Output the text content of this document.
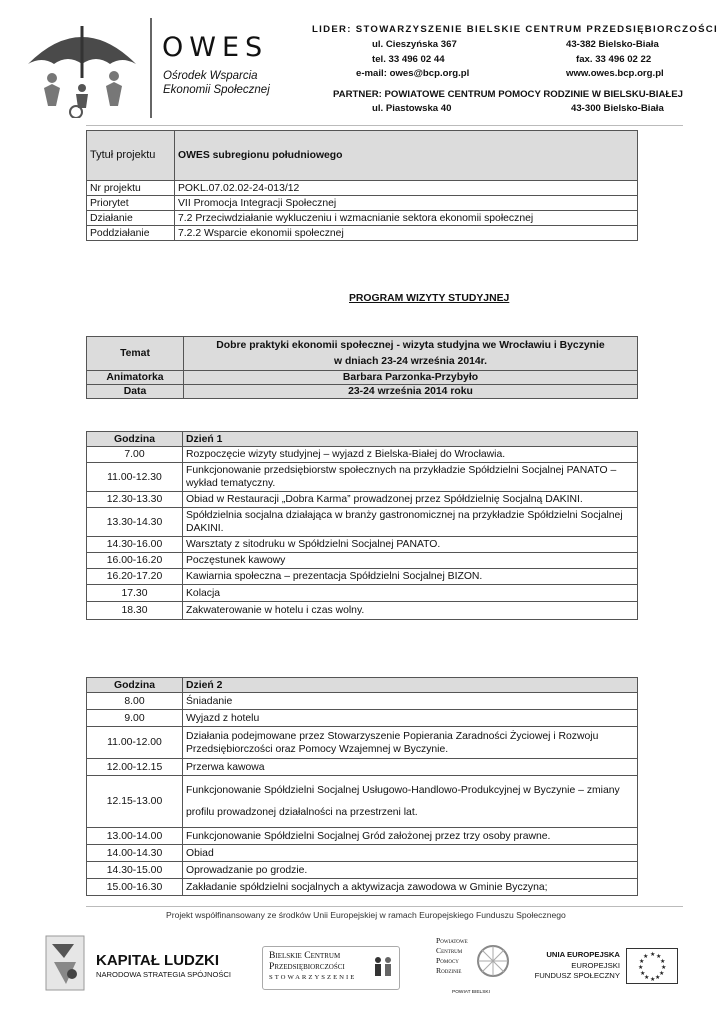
OWES
Ośrodek Wsparcia
Ekonomii Społecznej
LIDER: STOWARZYSZENIE BIELSKIE CENTRUM PRZEDSIĘBIORCZOŚCI
ul. Cieszyńska 367	43-382 Bielsko-Biała
tel. 33 496 02 44	fax. 33 496 02 22
e-mail: owes@bcp.org.pl	www.owes.bcp.org.pl
PARTNER: POWIATOWE CENTRUM POMOCY RODZINIE W BIELSKU-BIAŁEJ
ul. Piastowska 40	43-300 Bielsko-Biała
Tytuł projektu	OWES subregionu południowego
Nr projektu	POKL.07.02.02-24-013/12
Priorytet	VII Promocja Integracji Społecznej
Działanie	7.2 Przeciwdziałanie wykluczeniu i wzmacnianie sektora ekonomii społecznej
Poddziałanie	7.2.2 Wsparcie ekonomii społecznej
PROGRAM WIZYTY STUDYJNEJ
Temat	Dobre praktyki ekonomii społecznej - wizyta studyjna we Wrocławiu i Byczynie
w dniach 23-24 września 2014r.

Animatorka	Barbara Parzonka-Przybyło
Data	23-24 września 2014 roku
Godzina	Dzień 1
7.00	Rozpoczęcie wizyty studyjnej – wyjazd z Bielska-Białej do Wrocławia.
11.00-12.30	Funkcjonowanie przedsiębiorstw społecznych na przykładzie Spółdzielni Socjalnej PANATO – wykład tematyczny.
12.30-13.30	Obiad w Restauracji „Dobra Karma” prowadzonej przez Spółdzielnię Socjalną DAKINI.
13.30-14.30	Spółdzielnia socjalna działająca w branży gastronomicznej na przykładzie Spółdzielni Socjalnej DAKINI.
14.30-16.00	Warsztaty z sitodruku w Spółdzielni Socjalnej PANATO.
16.00-16.20	Poczęstunek kawowy
16.20-17.20	Kawiarnia społeczna – prezentacja Spółdzielni Socjalnej BIZON.
17.30	Kolacja
18.30	Zakwaterowanie w hotelu i czas wolny.
Godzina	Dzień 2
8.00	Śniadanie
9.00	Wyjazd z hotelu
11.00-12.00	Działania podejmowane przez Stowarzyszenie Popierania Zaradności Życiowej i Rozwoju Przedsiębiorczości oraz Pomocy Wzajemnej w Byczynie.
12.00-12.15	Przerwa kawowa
12.15-13.00	Funkcjonowanie Spółdzielni Socjalnej Usługowo-Handlowo-Produkcyjnej w Byczynie – zmiany profilu prowadzonej działalności na przestrzeni lat.
13.00-14.00	Funkcjonowanie Spółdzielni Socjalnej Gród założonej przez trzy osoby prawne.
14.00-14.30	Obiad
14.30-15.00	Oprowadzanie po grodzie.
15.00-16.30	Zakładanie spółdzielni socjalnych a aktywizacja zawodowa w Gminie Byczyna;
Projekt współfinansowany ze środków Unii Europejskiej w ramach Europejskiego Funduszu Społecznego
KAPITAŁ LUDZKI
NARODOWA STRATEGIA SPÓJNOŚCI
Bielskie Centrum
Przedsiębiorczości
STOWARZYSZENIE
Powiatowe
Centrum
Pomocy
Rodzinie
POWIAT BIELSKI
UNIA EUROPEJSKA
EUROPEJSKI
FUNDUSZ SPOŁECZNY
★ ★
★
★
★
★
★
★
★
★
★
★
